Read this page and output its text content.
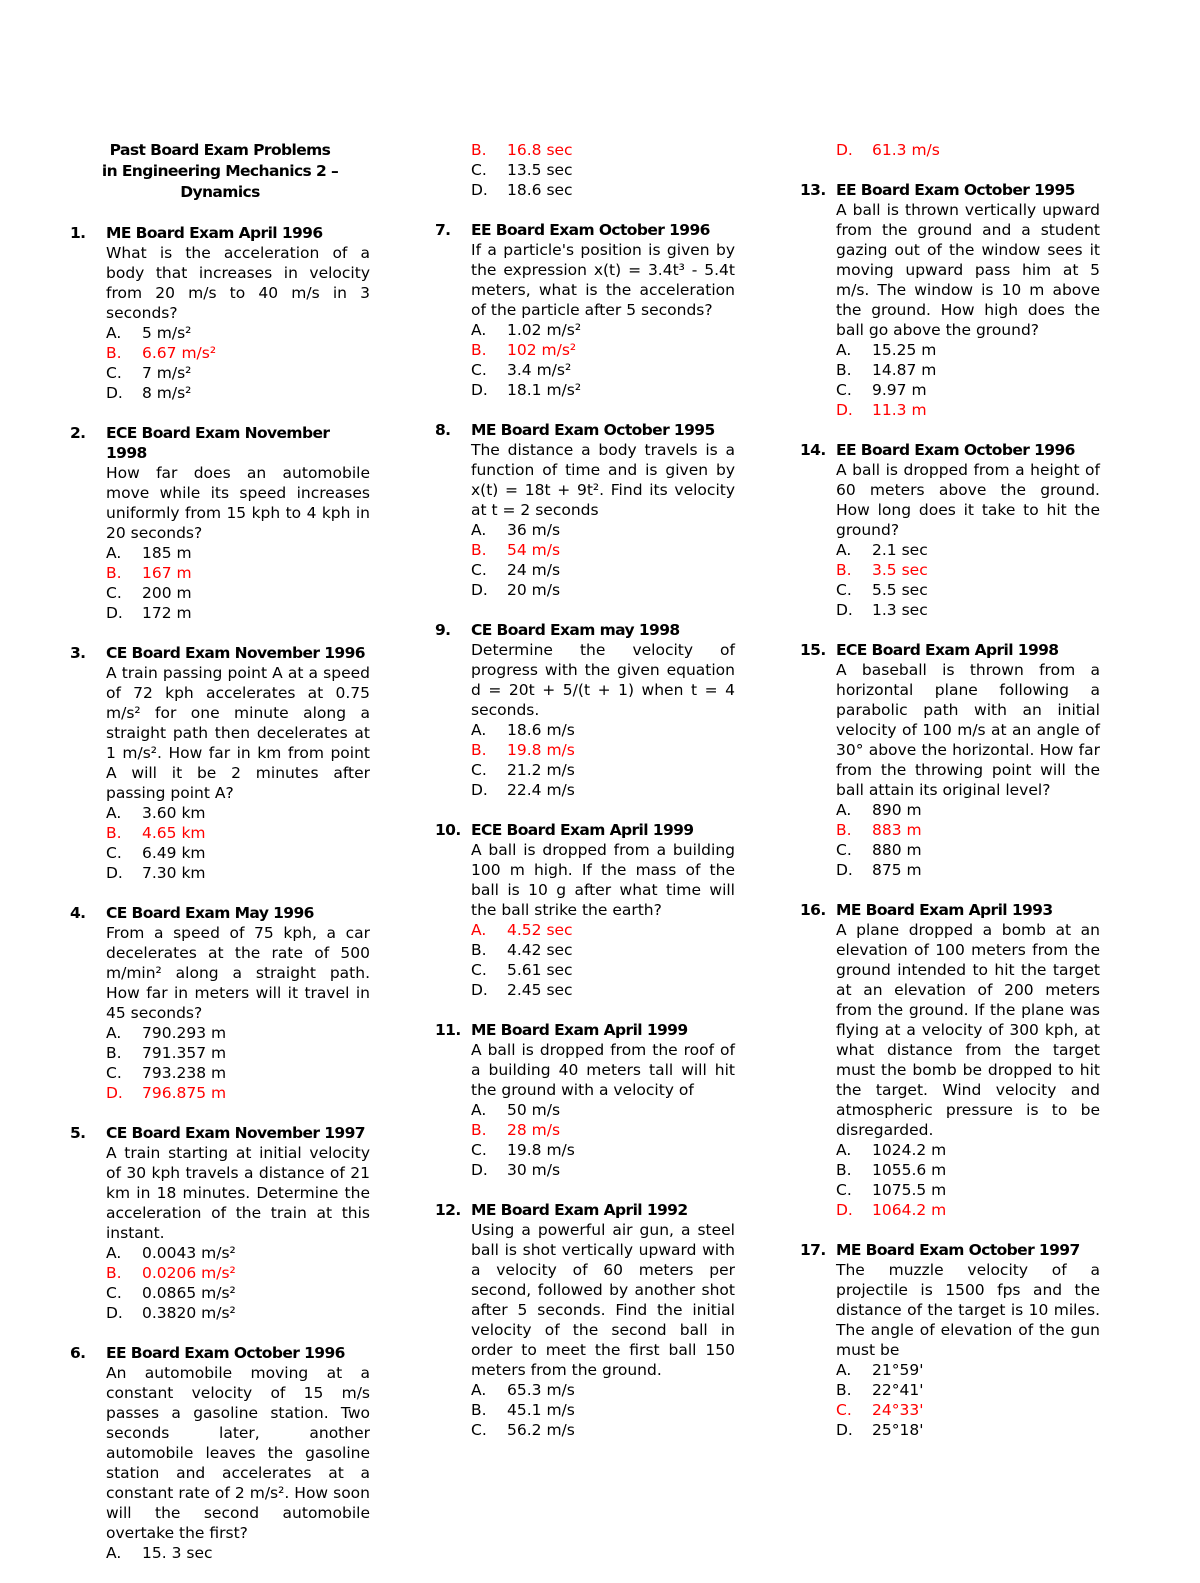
Past Board Exam Problems
in Engineering Mechanics 2 – Dynamics
1.	ME Board Exam April 1996
What is the acceleration of a body that increases in velocity from 20 m/s to 40 m/s in 3 seconds?
A.	5 m/s²
B.	6.67 m/s²
C.	7 m/s²
D.	8 m/s²
2.	ECE Board Exam November 1998
How far does an automobile move while its speed increases uniformly from 15 kph to 4 kph in 20 seconds?
A.	185 m
B.	167 m
C.	200 m
D.	172 m
3.	CE Board Exam November 1996
A train passing point A at a speed of 72 kph accelerates at 0.75 m/s² for one minute along a straight path then decelerates at 1 m/s². How far in km from point A will it be 2 minutes after passing point A?
A.	3.60 km
B.	4.65 km
C.	6.49 km
D.	7.30 km
4.	CE Board Exam May 1996
From a speed of 75 kph, a car decelerates at the rate of 500 m/min² along a straight path. How far in meters will it travel in 45 seconds?
A.	790.293 m
B.	791.357 m
C.	793.238 m
D.	796.875 m
5.	CE Board Exam November 1997
A train starting at initial velocity of 30 kph travels a distance of 21 km in 18 minutes. Determine the acceleration of the train at this instant.
A.	0.0043 m/s²
B.	0.0206 m/s²
C.	0.0865 m/s²
D.	0.3820 m/s²
6.	EE Board Exam October 1996
An automobile moving at a constant velocity of 15 m/s passes a gasoline station. Two seconds later, another automobile leaves the gasoline station and accelerates at a constant rate of 2 m/s². How soon will the second automobile overtake the first?
A.	15. 3 sec
B.	16.8 sec
C.	13.5 sec
D.	18.6 sec
7.	EE Board Exam October 1996
If a particle's position is given by the expression x(t) = 3.4t³ - 5.4t meters, what is the acceleration of the particle after 5 seconds?
A.	1.02 m/s²
B.	102 m/s²
C.	3.4 m/s²
D.	18.1 m/s²
8.	ME Board Exam October 1995
The distance a body travels is a function of time and is given by x(t) = 18t + 9t². Find its velocity at t = 2 seconds
A.	36 m/s
B.	54 m/s
C.	24 m/s
D.	20 m/s
9.	CE Board Exam may 1998
Determine the velocity of progress with the given equation d = 20t + 5/(t + 1) when t = 4 seconds.
A.	18.6 m/s
B.	19.8 m/s
C.	21.2 m/s
D.	22.4 m/s
10. ECE Board Exam April 1999
A ball is dropped from a building 100 m high. If the mass of the ball is 10 g after what time will the ball strike the earth?
A.	4.52 sec
B.	4.42 sec
C.	5.61 sec
D.	2.45 sec
11. ME Board Exam April 1999
A ball is dropped from the roof of a building 40 meters tall will hit the ground with a velocity of
A.	50 m/s
B.	28 m/s
C.	19.8 m/s
D.	30 m/s
12. ME Board Exam April 1992
Using a powerful air gun, a steel ball is shot vertically upward with a velocity of 60 meters per second, followed by another shot after 5 seconds. Find the initial velocity of the second ball in order to meet the first ball 150 meters from the ground.
A.	65.3 m/s
B.	45.1 m/s
C.	56.2 m/s
D.	61.3 m/s
13. EE Board Exam October 1995
A ball is thrown vertically upward from the ground and a student gazing out of the window sees it moving upward pass him at 5 m/s. The window is 10 m above the ground. How high does the ball go above the ground?
A.	15.25 m
B.	14.87 m
C.	9.97 m
D.	11.3 m
14. EE Board Exam October 1996
A ball is dropped from a height of 60 meters above the ground. How long does it take to hit the ground?
A.	2.1 sec
B.	3.5 sec
C.	5.5 sec
D.	1.3 sec
15. ECE Board Exam April 1998
A baseball is thrown from a horizontal plane following a parabolic path with an initial velocity of 100 m/s at an angle of 30° above the horizontal. How far from the throwing point will the ball attain its original level?
A.	890 m
B.	883 m
C.	880 m
D.	875 m
16. ME Board Exam April 1993
A plane dropped a bomb at an elevation of 100 meters from the ground intended to hit the target at an elevation of 200 meters from the ground. If the plane was flying at a velocity of 300 kph, at what distance from the target must the bomb be dropped to hit the target. Wind velocity and atmospheric pressure is to be disregarded.
A.	1024.2 m
B.	1055.6 m
C.	1075.5 m
D.	1064.2 m
17. ME Board Exam October 1997
The muzzle velocity of a projectile is 1500 fps and the distance of the target is 10 miles. The angle of elevation of the gun must be
A.	21°59'
B.	22°41'
C.	24°33'
D.	25°18'
